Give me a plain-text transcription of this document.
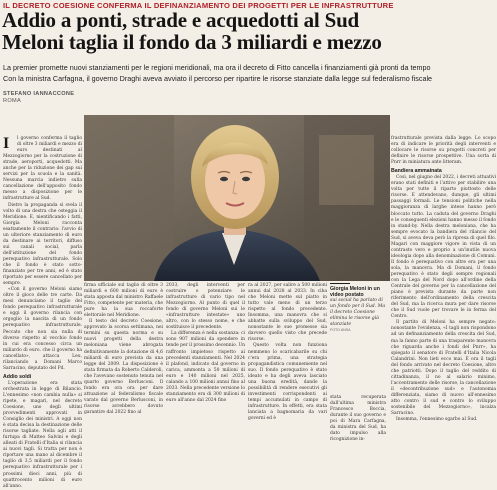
IL DECRETO COESIONE CONFERMA IL DEFINANZIAMENTO DEI PROGETTI PER LE INFRASTRUTTURE
Addio a ponti, strade e acquedotti al Sud
Meloni taglia il fondo da 3 miliardi e mezzo
La premier promette nuovi stanziamenti per le regioni meridionali, ma ora il decreto di Fitto cancella i finanziamenti già pronti da tempo
Con la ministra Carfagna, il governo Draghi aveva avviato il percorso per ripartire le risorse stanziate dalla legge sul federalismo fiscale
STEFANO IANNACCONE
ROMA
I	l governo conferma il taglio di oltre 3 miliardi e mezzo di euro destinati al Mezzogiorno per la costruzione di strade, aeroporti, acquedotti. Ma anche per la riduzione dei gap sui servizi per la scuola e la sanità. Nessuna marcia indietro sulla cancellazione dell'apposito fondo messo a disposizione per le infrastrutture al Sud.

Dietro la propaganda si svela il volto di una destra che osteggia il Meridione. E, nientificando i fatti, Giorgia Meloni racconta esattamente il contrario: l'avvio di un ulteriore stanziamento di euro da destinare ai territori, diffuso sui canali social, parla dell'istituzione del fondo perequativo infrastrutturale. Solo che il fondo è stato sotto-finanziato per tre anni, ed è stato riportato per essere cancellato per sempre.

«Con il governo Meloni siamo oltre il gioco delle tre carte. Da mesi denunciamo il taglio del fondo perequativo infrastrutturale e oggi il governo rilancia con orgoglio la nascita di un fondo perequativo infrastrutturale. Peccato che non sia nulla di diverso rispetto al vecchio fondo in cui era concesso circa un miliardo di euro. che il governo ha cancellato», attacca Leu, rilanciando a Domani Marco Sarracino, deputato del Pd.

Addio soldi

L'operazione era stata orchestrata in legge di Bilancio. L'ennesimo «non cambia nulla» si ripete, e magari, nel decreto Coesione, uno degli ultimi provvedimenti approvati in Consiglio dei ministri. A oggi non è stata decisa la destinazione delle risorse tagliate. Nella agli atti il furtupa di Matteo Salvini e degli alleati di Fratelli d'Italia si rilancia ai nuovi tagli. Si tratta per non è riportare una mano al dicembre il taglio di 3,5 miliardi per il fondo perequativo infrastrutturale per i prossimi dieci anni, più di quattrocento milioni di euro all'anno.

firma ufficiale sul taglio di oltre 3 miliardi e 600 milioni di euro è stata apposta dal ministro Raffaele Fitto, competente per materia, che pure ha la sua roccaforte elettorale nel Meridione.

Il testo del decreto Coesione, approvato la scorsa settimana, nei termini su questa norma e su nuovi progetti della destra meloniana viene abrogata definitivamente la dotazione di 4,6 miliardi di euro prevista da una legge del 2009. La disposizione è stata firmata da Roberto Calderoli, che l'avevano sostenuto tenuta nel quarto governo Berlusconi. Il fondo era ora ora per dare attuazione al federalismo fiscale varato dal governo Berlusconi, in risorse avrebbero dovuto garantire dal 2022 fino al

2033, degli interventi per costruire o potenziare le infrastrutture di vario tipo nel Mezzogiorno. Al punto di quel il fondo di governo Meloni sui le «infrastrutture intestate» uno altro, con lo stesso nome, e che sostituisce il precedente.

La differenza è nella sostanza: ci sono 907 milioni da spendere in tende per il prossimo decennio. Un raffronto impietoso rispetto ai precedenti stanziamenti. Nel 2024 il plafond, indicato dal governo in carica, ammonta a 50 milioni di euro e 140 milioni nel 2025, calando a 100 milioni annui fino al 2033. Nella precedente versione lo stanziamento era di 300 milioni di euro all'anno dal 2024 fino

ra al 2027, per salire a 500 milioni annui dal 2028 al 2033. In ciba che Meloni mette sul piatto in tutto vale meno di un terzo rispetto al fondo precedente. Insomma, una manovra che si abbatte sulla sviluppo del Sud, nonostante le sue promesse sia davvero quello visto che precede risorse.

Questo volta non funziona nemmeno lo scaricabarile su chi c'era prima, una strategia propagandistica comunemente nel suo. Il fondo perequativo è stato ideato e ha degli aveva lasciato una buona eredità, dando la possibilità di rendere esecutivi gli investimenti corrispondenti ai tempi accumulati in campo di infrastrutture. In effetti, era stata lanciata a bagnomaria da vari governi ed è

Giorgia Meloni in un video postato
sui social ha parlato di un fondo per il Sud. Ma il decreto Coesione elimina le risorse già stanziate
FOTO ANSA

stata recuperata dall'ultima ministra Francesco Boccia, durante il suo governo e poi di Mara Carfagna, da ministra del Sud, ha dato impulso alla ricognizione in-

frastrutturale prevista dalla legge. Lo scopo era di indicare le priorità degli interventi e collocare le risorse su progetti concreti per definire le risorse prospettive. Una sorta di Pnrr in miniatura ante litteram.

Bandiera ammainata

Così, nel giugno del 2022, i decreti attuativi erano stati definiti e l'attivo per stabilire una volta per tutte il riparto piuttosto delle risorse. E attendevano, dunque, gli ultimi passaggi formali. Le tensioni politiche nella maggioranza di larghe intese hanno però bloccato tutto. La caduta del governo Draghi e le conseguenti elezioni hanno messo il fondo in stand-by. Nella destra meloniana, che ha sempre evocato la bandiera del rilancio del Sud, si aveva deva però la ripresa di quel filo. Magari con maggiore vigore in vista di un contrasto vero e proprio a un'inutile nuova ideologia dopo alla denominazione di Comuni. Il fondo è perequativo con altre era per una sola, la manovra. Ma di Domani, il fondo perequativo è stato degli sempre regionali con la Lega del Nord dopo all'ordine della Centrale del governo per la cancellazione del piano è prevista durante da parte non riferimento dell'ordinamento della crescita del Sud, ma la ricerca mura per dare risorse che il Sud vuole per trovare le in ferma del Centro.

Il partito di Meloni ha sempre negato: nonostante l'evidenza, «I tagli non rispondono ad un definanziamento della crescita del Sud, ma la fanno parte di una trasparente manovra che riguarda anche i fondi del Pnrr», ha spiegato il senatore di Fratelli d'Italia Nicola Calandrini. Non lieti ecco mai. È ora il tagli del fondo arrivato nel decreto Coesione, altro che patriotti. Dopo il taglio del reddito di cittadinanza, il no al salario minimo, l'accentramento delle risorse, la cancellazione il «decontribuzione sud» e l'autonomia differenziata, siamo di nuovo all'ennesimo atto contro il sud e contro lo sviluppo sostenibile del Mezzogiorno», incalza Sarracino.

Insomma, l'ennesimo sgarbo al Sud.
